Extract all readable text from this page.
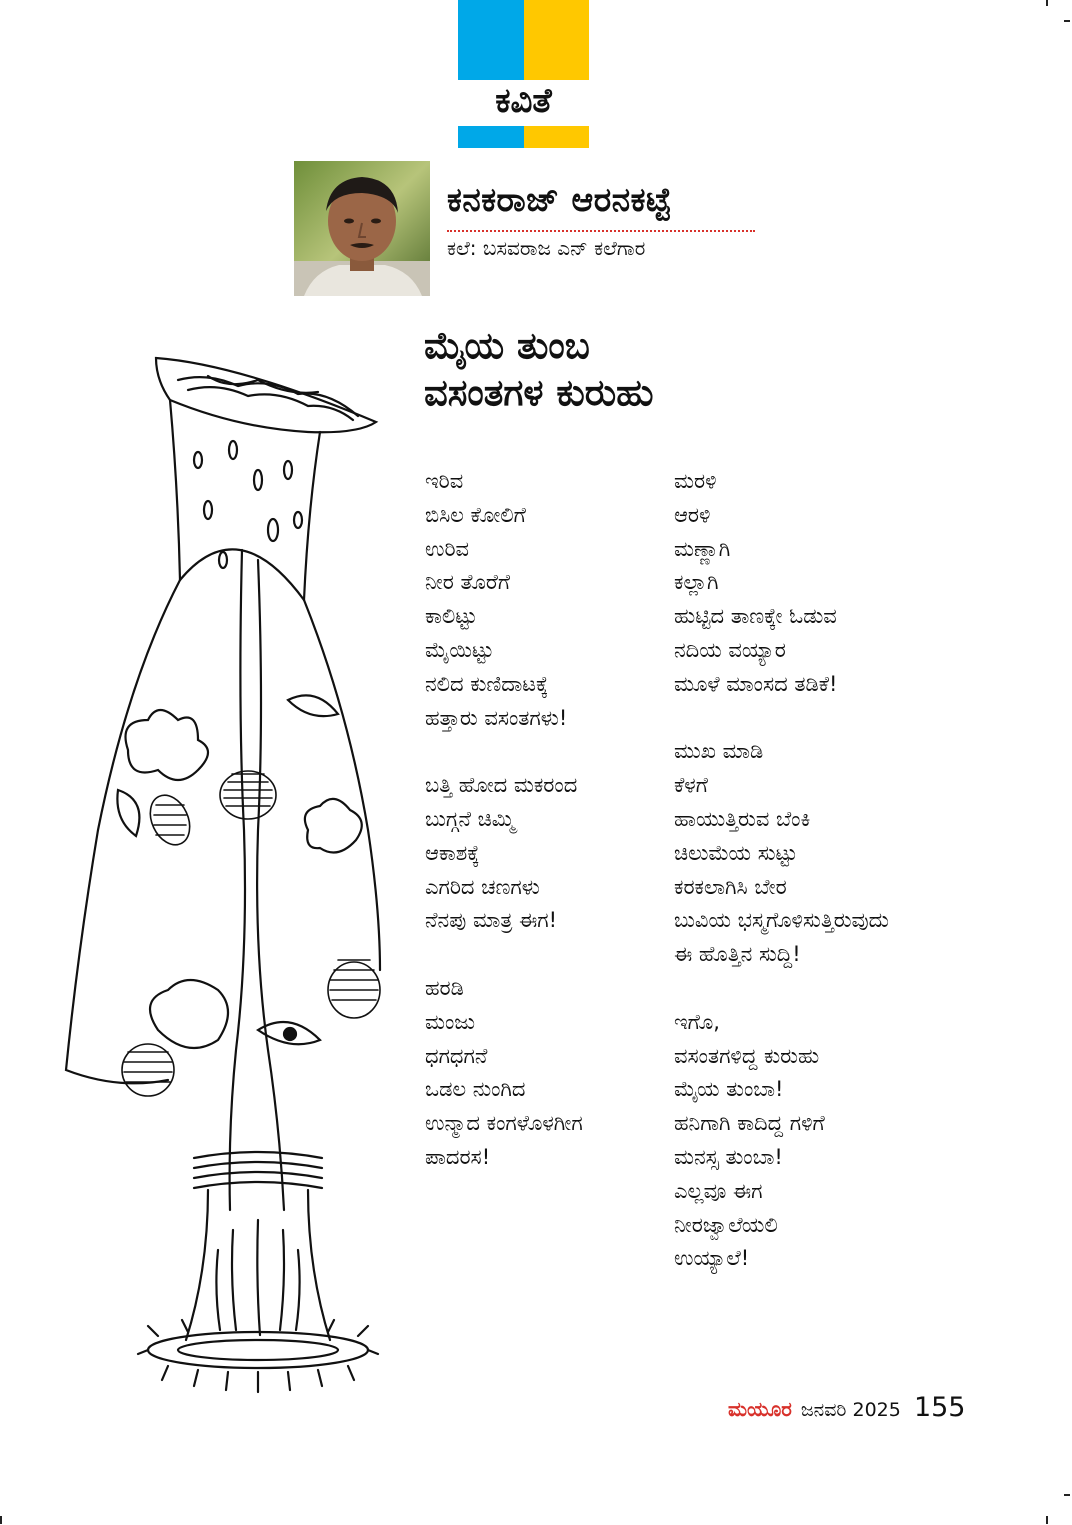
ಕವಿತೆ
ಕನಕರಾಜ್ ಆರನಕಟ್ಟೆ
ಕಲೆ: ಬಸವರಾಜ ಎನ್ ಕಲೆಗಾರ
ಮೈಯ ತುಂಬ
ವಸಂತಗಳ ಕುರುಹು
ಇರಿವ
ಬಿಸಿಲ ಕೋಲಿಗೆ
ಉರಿವ
ನೀರ ತೊರೆಗೆ
ಕಾಲಿಟ್ಟು
ಮೈಯಿಟ್ಟು
ನಲಿದ ಕುಣಿದಾಟಕ್ಕೆ
ಹತ್ತಾರು ವಸಂತಗಳು!
ಬತ್ತಿ ಹೋದ ಮಕರಂದ
ಬುಗ್ಗನೆ ಚಿಮ್ಮಿ
ಆಕಾಶಕ್ಕೆ
ಎಗರಿದ ಚಣಗಳು
ನೆನಪು ಮಾತ್ರ ಈಗ!
ಹರಡಿ
ಮಂಜು
ಧಗಧಗನೆ
ಒಡಲ ನುಂಗಿದ
ಉನ್ಮಾದ ಕಂಗಳೊಳಗೀಗ
ಪಾದರಸ!
ಮರಳಿ
ಆರಳಿ
ಮಣ್ಣಾಗಿ
ಕಲ್ಲಾಗಿ
ಹುಟ್ಟಿದ ತಾಣಕ್ಕೇ ಓಡುವ
ನದಿಯ ವಯ್ಯಾರ
ಮೂಳೆ ಮಾಂಸದ ತಡಿಕೆ!
ಮುಖ ಮಾಡಿ
ಕೆಳಗೆ
ಹಾಯುತ್ತಿರುವ ಬೆಂಕಿ
ಚಿಲುಮೆಯ ಸುಟ್ಟು
ಕರಕಲಾಗಿಸಿ ಬೇರ
ಬುವಿಯ ಭಸ್ಮಗೊಳಿಸುತ್ತಿರುವುದು
ಈ ಹೊತ್ತಿನ ಸುದ್ದಿ!
ಇಗೊ,
ವಸಂತಗಳಿದ್ದ ಕುರುಹು
ಮೈಯ ತುಂಬಾ!
ಹನಿಗಾಗಿ ಕಾದಿದ್ದ ಗಳಿಗೆ
ಮನಸ್ಸ ತುಂಬಾ!
ಎಲ್ಲವೂ ಈಗ
ನೀರಜ್ವಾಲೆಯಲಿ
ಉಯ್ಯಾಲೆ!
ಮಯೂರ ಜನವರಿ 2025 155
